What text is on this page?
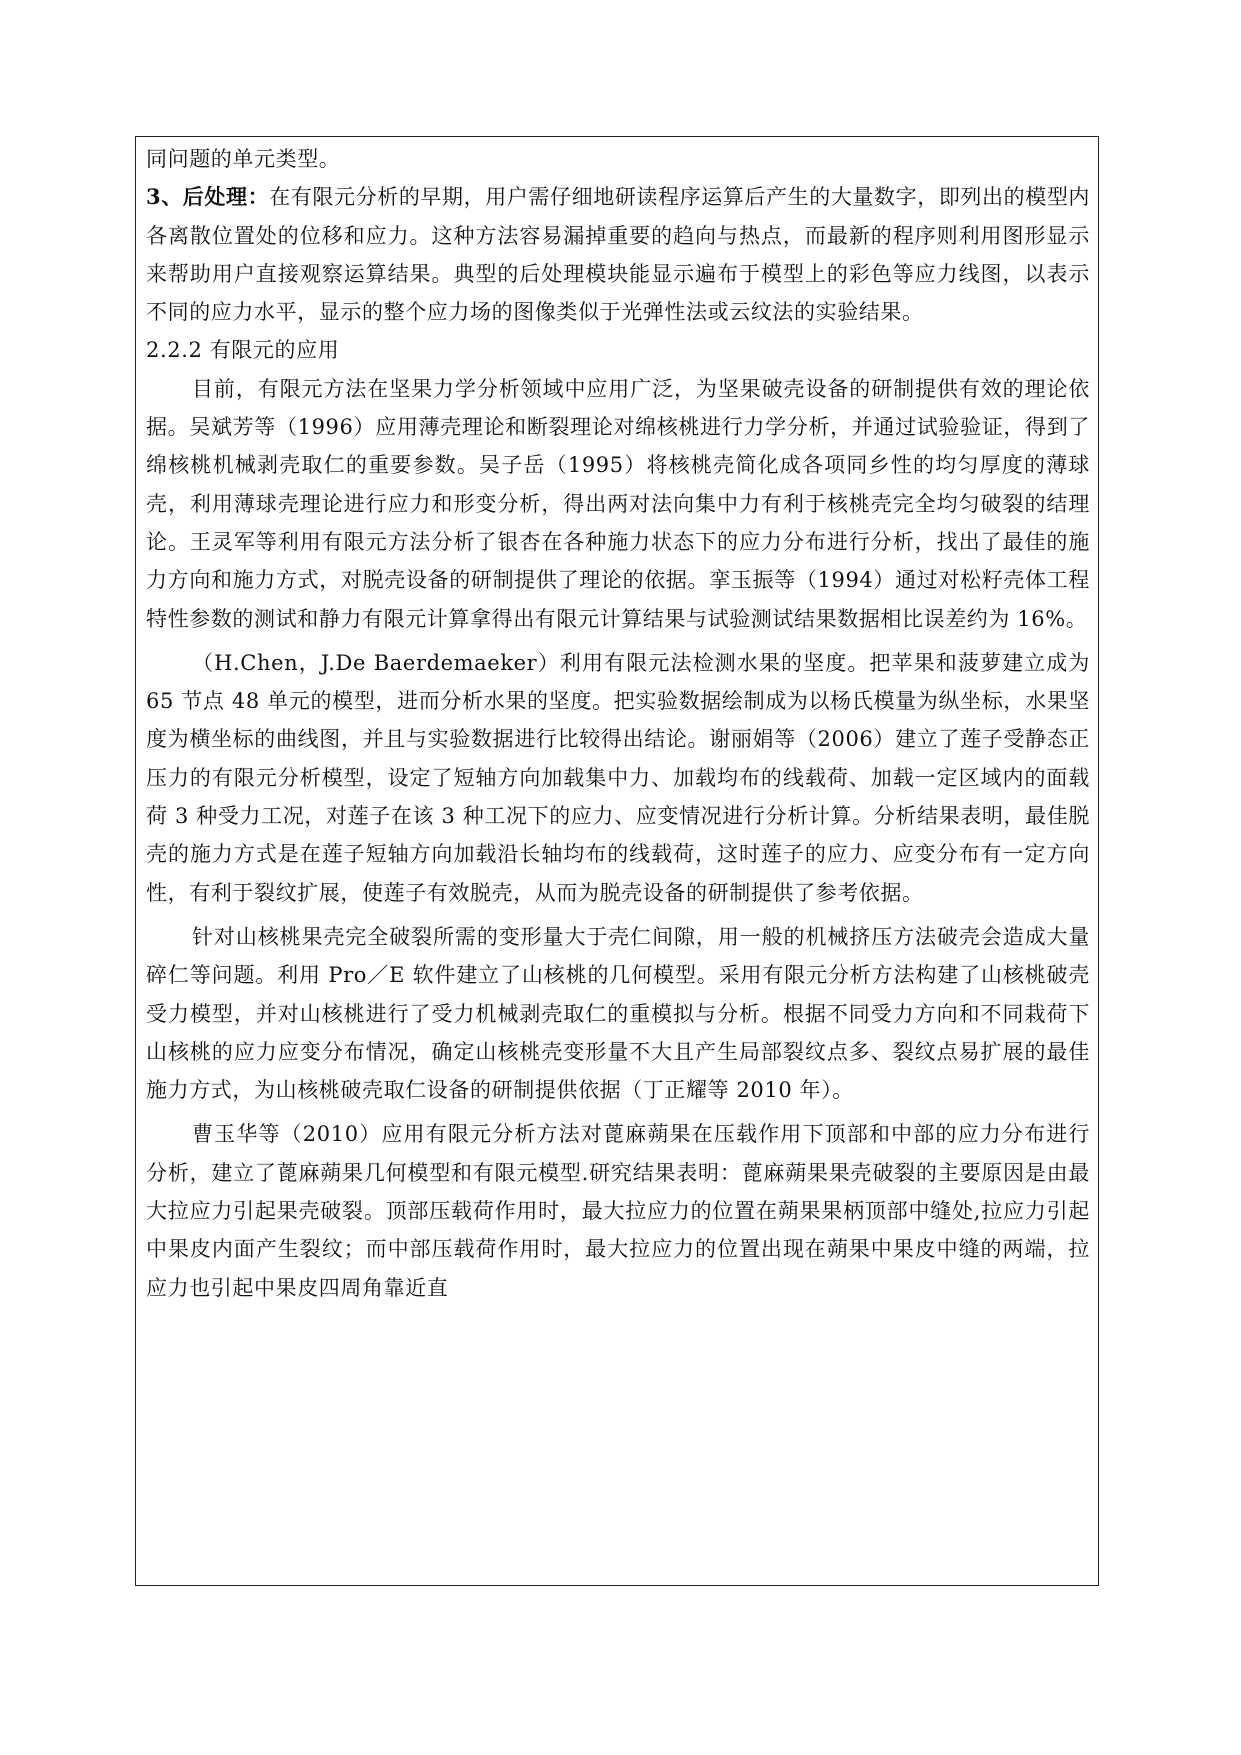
同问题的单元类型。

3、后处理：在有限元分析的早期，用户需仔细地研读程序运算后产生的大量数字，即列出的模型内各离散位置处的位移和应力。这种方法容易漏掉重要的趋向与热点，而最新的程序则利用图形显示来帮助用户直接观察运算结果。典型的后处理模块能显示遍布于模型上的彩色等应力线图，以表示不同的应力水平，显示的整个应力场的图像类似于光弹性法或云纹法的实验结果。

2.2.2 有限元的应用

目前，有限元方法在坚果力学分析领域中应用广泛，为坚果破壳设备的研制提供有效的理论依据。吴斌芳等（1996）应用薄壳理论和断裂理论对绵核桃进行力学分析，并通过试验验证，得到了绵核桃机械剥壳取仁的重要参数。吴子岳（1995）将核桃壳简化成各项同乡性的均匀厚度的薄球壳，利用薄球壳理论进行应力和形变分析，得出两对法向集中力有利于核桃壳完全均匀破裂的结理论。王灵军等利用有限元方法分析了银杏在各种施力状态下的应力分布进行分析，找出了最佳的施力方向和施力方式，对脱壳设备的研制提供了理论的依据。挛玉振等（1994）通过对松籽壳体工程特性参数的测试和静力有限元计算拿得出有限元计算结果与试验测试结果数据相比误差约为 16%。

（H.Chen，J.De Baerdemaeker）利用有限元法检测水果的坚度。把苹果和菠萝建立成为 65 节点 48 单元的模型，进而分析水果的坚度。把实验数据绘制成为以杨氏模量为纵坐标，水果坚度为横坐标的曲线图，并且与实验数据进行比较得出结论。谢丽娟等（2006）建立了莲子受静态正压力的有限元分析模型，设定了短轴方向加载集中力、加载均布的线载荷、加载一定区域内的面载荷 3 种受力工况，对莲子在该 3 种工况下的应力、应变情况进行分析计算。分析结果表明，最佳脱壳的施力方式是在莲子短轴方向加载沿长轴均布的线载荷，这时莲子的应力、应变分布有一定方向性，有利于裂纹扩展，使莲子有效脱壳，从而为脱壳设备的研制提供了参考依据。

针对山核桃果壳完全破裂所需的变形量大于壳仁间隙，用一般的机械挤压方法破壳会造成大量碎仁等问题。利用 Pro／E 软件建立了山核桃的几何模型。采用有限元分析方法构建了山核桃破壳受力模型，并对山核桃进行了受力机械剥壳取仁的重模拟与分析。根据不同受力方向和不同栽荷下山核桃的应力应变分布情况，确定山核桃壳变形量不大且产生局部裂纹点多、裂纹点易扩展的最佳施力方式，为山核桃破壳取仁设备的研制提供依据（丁正耀等 2010 年）。

曹玉华等（2010）应用有限元分析方法对蓖麻蒴果在压载作用下顶部和中部的应力分布进行分析，建立了蓖麻蒴果几何模型和有限元模型.研究结果表明：蓖麻蒴果果壳破裂的主要原因是由最大拉应力引起果壳破裂。顶部压载荷作用时，最大拉应力的位置在蒴果果柄顶部中缝处,拉应力引起中果皮内面产生裂纹；而中部压载荷作用时，最大拉应力的位置出现在蒴果中果皮中缝的两端，拉应力也引起中果皮四周角靠近直
